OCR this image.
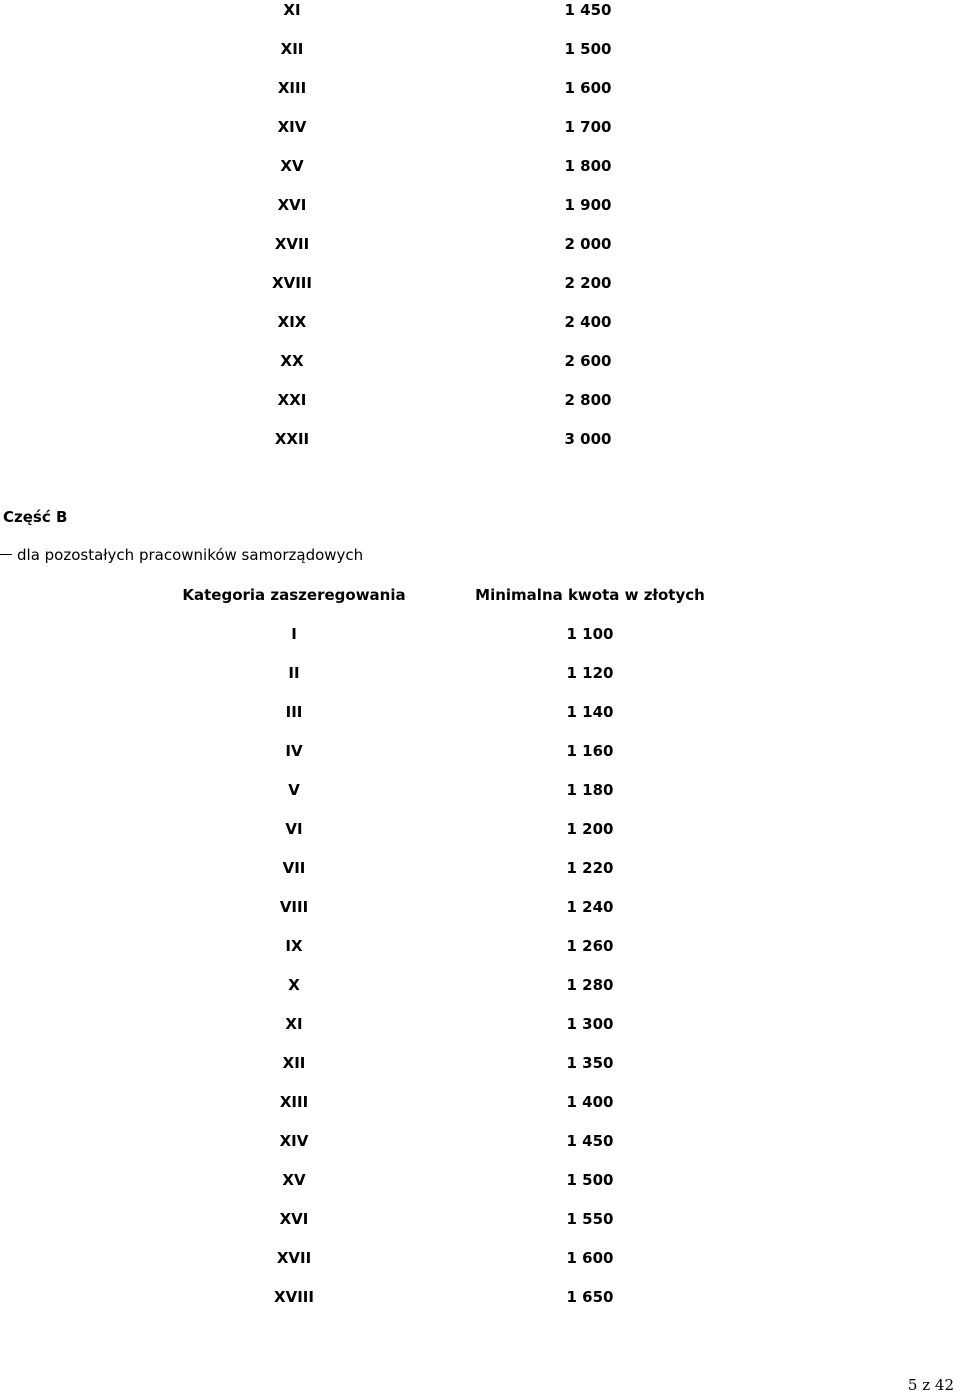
XI	1 450
XII	1 500
XIII	1 600
XIV	1 700
XV	1 800
XVI	1 900
XVII	2 000
XVIII	2 200
XIX	2 400
XX	2 600
XXI	2 800
XXII	3 000
Część B
dla pozostałych pracowników samorządowych
Kategoria zaszeregowania	Minimalna kwota w złotych
I	1 100
II	1 120
III	1 140
IV	1 160
V	1 180
VI	1 200
VII	1 220
VIII	1 240
IX	1 260
X	1 280
XI	1 300
XII	1 350
XIII	1 400
XIV	1 450
XV	1 500
XVI	1 550
XVII	1 600
XVIII	1 650
5 z 42
